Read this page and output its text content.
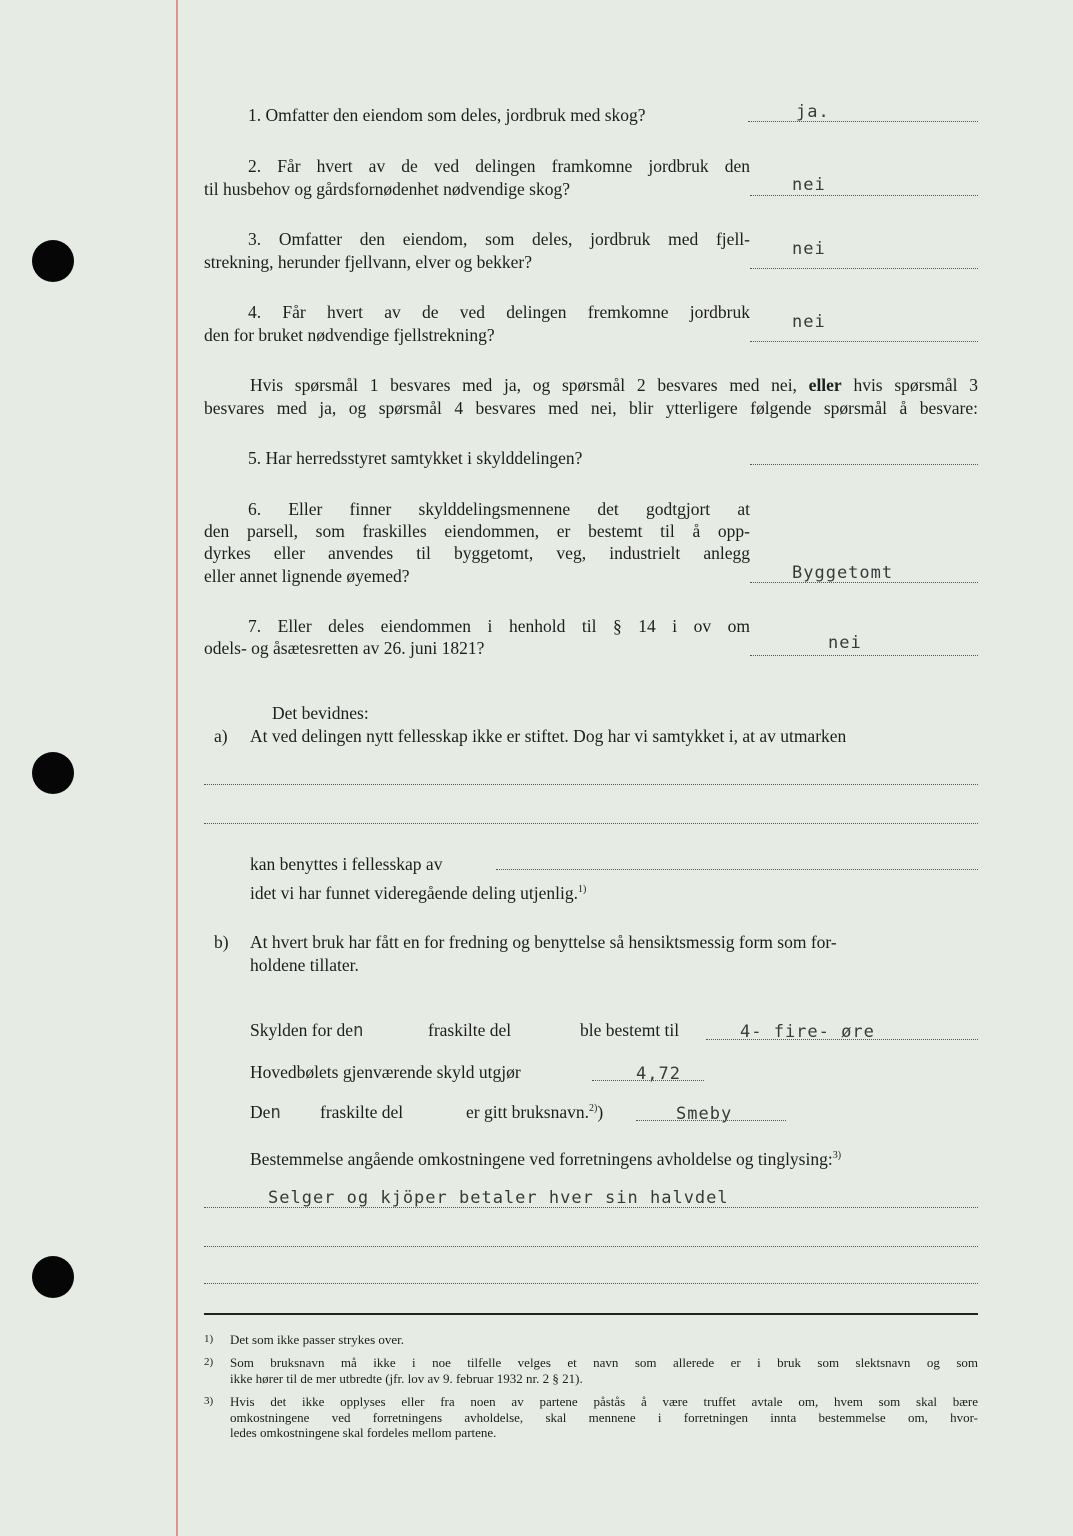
1. Omfatter den eiendom som deles, jordbruk med skog?	ja.
2. Får hvert av de ved delingen framkomne jordbruk den
til husbehov og gårdsfornødenhet nødvendige skog?	nei
3. Omfatter den eiendom, som deles, jordbruk med fjell-
strekning, herunder fjellvann, elver og bekker?
nei
4. Får hvert av de ved delingen fremkomne jordbruk
den for bruket nødvendige fjellstrekning?
nei
Hvis spørsmål 1 besvares med ja, og spørsmål 2 besvares med nei, eller hvis spørsmål 3
besvares med ja, og spørsmål 4 besvares med nei, blir ytterligere følgende spørsmål å besvare:
5. Har herredsstyret samtykket i skylddelingen?
6. Eller finner skylddelingsmennene det godtgjort at
den parsell, som fraskilles eiendommen, er bestemt til å opp-
dyrkes eller anvendes til byggetomt, veg, industrielt anlegg
eller annet lignende øyemed?	Byggetomt
7. Eller deles eiendommen i henhold til § 14 i ov om
odels- og åsætesretten av 26. juni 1821?	nei
Det bevidnes:
a) At ved delingen nytt fellesskap ikke er stiftet. Dog har vi samtykket i, at av utmarken
kan benyttes i fellesskap av
idet vi har funnet videregående deling utjenlig.$^{1)}$
b) At hvert bruk har fått en for fredning og benyttelse så hensiktsmessig form som for-
holdene tillater.
Skylden for den	fraskilte del	ble bestemt til	4- fire- øre
Hovedbølets gjenværende skyld utgjør	4,72
Den fraskilte del	er gitt bruksnavn.$^{2)}$)	Smeby
Bestemmelse angående omkostningene ved forretningens avholdelse og tinglysing:$^{3)}$
Selger og kjöper betaler hver sin halvdel
1)	Det som ikke passer strykes over.
2)	Som bruksnavn må ikke i noe tilfelle velges et navn som allerede er i bruk som slektsnavn og som
ikke hører til de mer utbredte (jfr. lov av 9. februar 1932 nr. 2 § 21).
3)	Hvis det ikke opplyses eller fra noen av partene påstås å være truffet avtale om, hvem som skal bære
omkostningene ved forretningens avholdelse, skal mennene i forretningen innta bestemmelse om, hvor-
ledes omkostningene skal fordeles mellom partene.
